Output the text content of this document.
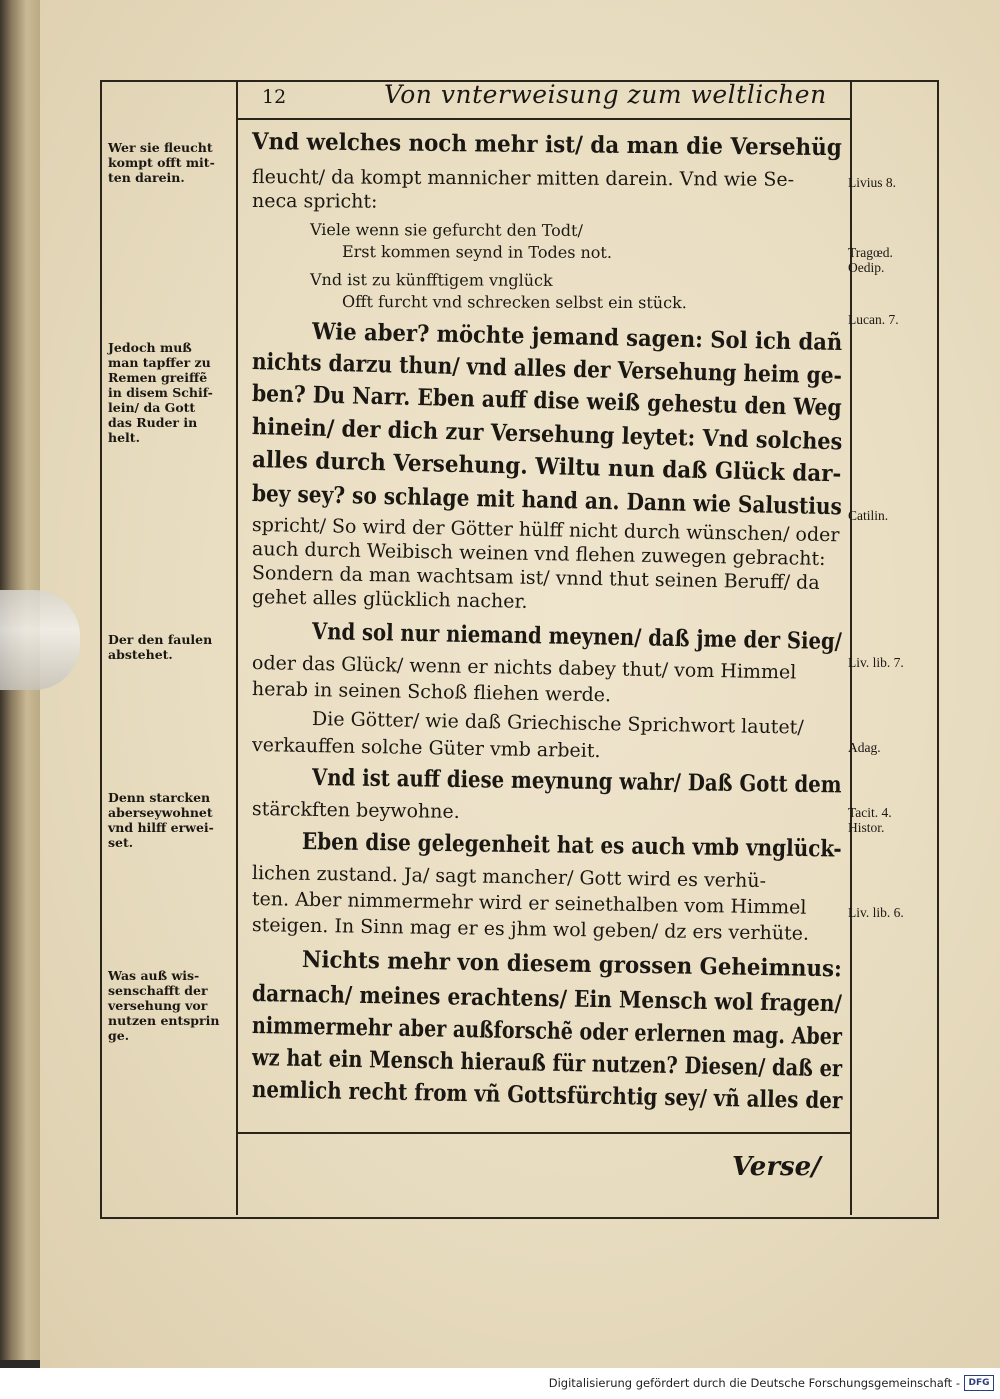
12	Von vnterweisung zum weltlichen
Vnd welches noch mehr ist/ da man die Versehüg
fleucht/ da kompt mannicher mitten darein. Vnd wie Se-
neca spricht:
Viele wenn sie gefurcht den Todt/
Erst kommen seynd in Todes not.
Vnd ist zu künfftigem vnglück
Offt furcht vnd schrecken selbst ein stück.
Wie aber? möchte jemand sagen: Sol ich dañ
nichts darzu thun/ vnd alles der Versehung heim ge-
ben? Du Narr. Eben auff dise weiß gehestu den Weg
hinein/ der dich zur Versehung leytet: Vnd solches
alles durch Versehung. Wiltu nun daß Glück dar-
bey sey? so schlage mit hand an. Dann wie Salustius
spricht/ So wird der Götter hülff nicht durch wünschen/ oder
auch durch Weibisch weinen vnd flehen zuwegen gebracht:
Sondern da man wachtsam ist/ vnnd thut seinen Beruff/ da
gehet alles glücklich nacher.
Vnd sol nur niemand meynen/ daß jme der Sieg/
oder das Glück/ wenn er nichts dabey thut/ vom Himmel
herab in seinen Schoß fliehen werde.
Die Götter/ wie daß Griechische Sprichwort lautet/
verkauffen solche Güter vmb arbeit.
Vnd ist auff diese meynung wahr/ Daß Gott dem
stärckften beywohne.
Eben dise gelegenheit hat es auch vmb vnglück-
lichen zustand. Ja/ sagt mancher/ Gott wird es verhü-
ten. Aber nimmermehr wird er seinethalben vom Himmel
steigen. In Sinn mag er es jhm wol geben/ dz ers verhüte.
Nichts mehr von diesem grossen Geheimnus:
darnach/ meines erachtens/ Ein Mensch wol fragen/
nimmermehr aber außforschẽ oder erlernen mag. Aber
wz hat ein Mensch hierauß für nutzen? Diesen/ daß er
nemlich recht from vñ Gottsfürchtig sey/ vñ alles der
Wer sie fleucht
kompt offt mit-
ten darein.
Jedoch muß
man tapffer zu
Remen greiffẽ
in disem Schif-
lein/ da Gott
das Ruder in
helt.
Der den faulen
abstehet.
Denn starcken
aberseywohnet
vnd hilff erwei-
set.
Was auß wis-
senschafft der
versehung vor
nutzen entsprin
ge.
Livius 8.
Tragœd.
Oedip.
Lucan. 7.
Catilin.
Liv. lib. 7.
Adag.
Tacit. 4.
Histor.
Liv. lib. 6.
Verse/
Digitalisierung gefördert durch die Deutsche Forschungsgemeinschaft - DFG
